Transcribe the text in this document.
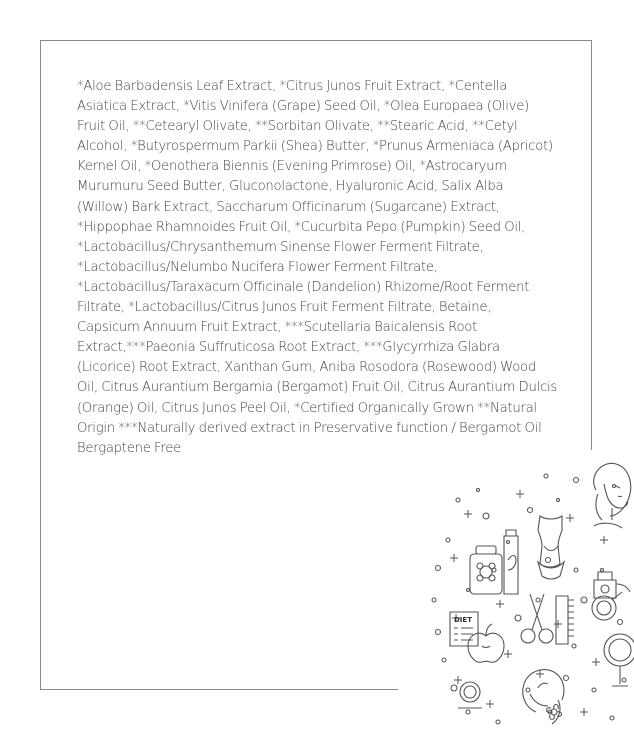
*Aloe Barbadensis Leaf Extract, *Citrus Junos Fruit Extract, *Centella Asiatica Extract, *Vitis Vinifera (Grape) Seed Oil, *Olea Europaea (Olive) Fruit Oil, **Cetearyl Olivate, **Sorbitan Olivate, **Stearic Acid, **Cetyl Alcohol, *Butyrospermum Parkii (Shea) Butter, *Prunus Armeniaca (Apricot) Kernel Oil, *Oenothera Biennis (Evening Primrose) Oil, *Astrocaryum Murumuru Seed Butter, Gluconolactone, Hyaluronic Acid, Salix Alba (Willow) Bark Extract, Saccharum Officinarum (Sugarcane) Extract, *Hippophae Rhamnoides Fruit Oil, *Cucurbita Pepo (Pumpkin) Seed Oil, *Lactobacillus/Chrysanthemum Sinense Flower Ferment Filtrate, *Lactobacillus/Nelumbo Nucifera Flower Ferment Filtrate, *Lactobacillus/Taraxacum Officinale (Dandelion) Rhizome/Root Ferment Filtrate, *Lactobacillus/Citrus Junos Fruit Ferment Filtrate, Betaine, Capsicum Annuum Fruit Extract, ***Scutellaria Baicalensis Root Extract,***Paeonia Suffruticosa Root Extract, ***Glycyrrhiza Glabra (Licorice) Root Extract, Xanthan Gum, Aniba Rosodora (Rosewood) Wood Oil, Citrus Aurantium Bergamia (Bergamot) Fruit Oil, Citrus Aurantium Dulcis (Orange) Oil, Citrus Junos Peel Oil, *Certified Organically Grown **Natural Origin ***Naturally derived extract in Preservative function / Bergamot Oil Bergaptene Free

DIET
